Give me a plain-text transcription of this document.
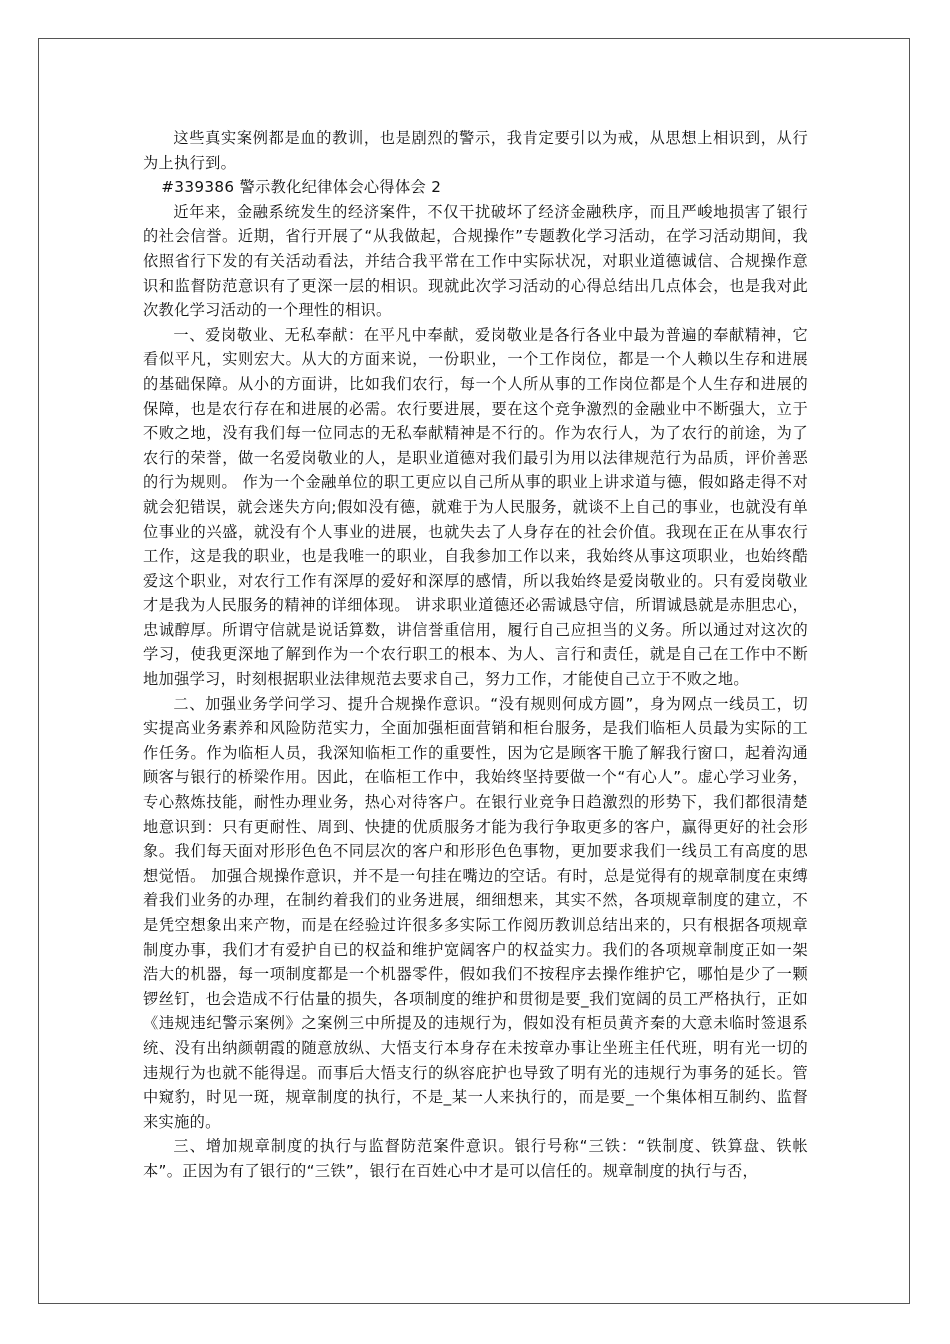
这些真实案例都是血的教训，也是剧烈的警示，我肯定要引以为戒，从思想上相识到，从行为上执行到。

#339386 警示教化纪律体会心得体会 2

近年来，金融系统发生的经济案件，不仅干扰破坏了经济金融秩序，而且严峻地损害了银行的社会信誉。近期，省行开展了“从我做起，合规操作”专题教化学习活动，在学习活动期间，我依照省行下发的有关活动看法，并结合我平常在工作中实际状况，对职业道德诚信、合规操作意识和监督防范意识有了更深一层的相识。现就此次学习活动的心得总结出几点体会，也是我对此次教化学习活动的一个理性的相识。

一、爱岗敬业、无私奉献：在平凡中奉献，爱岗敬业是各行各业中最为普遍的奉献精神，它看似平凡，实则宏大。从大的方面来说，一份职业，一个工作岗位，都是一个人赖以生存和进展的基础保障。从小的方面讲，比如我们农行，每一个人所从事的工作岗位都是个人生存和进展的保障，也是农行存在和进展的必需。农行要进展，要在这个竞争激烈的金融业中不断强大，立于不败之地，没有我们每一位同志的无私奉献精神是不行的。作为农行人，为了农行的前途，为了农行的荣誉，做一名爱岗敬业的人，是职业道德对我们最引为用以法律规范行为品质，评价善恶的行为规则。 作为一个金融单位的职工更应以自己所从事的职业上讲求道与德，假如路走得不对就会犯错误，就会迷失方向;假如没有德，就难于为人民服务，就谈不上自己的事业，也就没有单位事业的兴盛，就没有个人事业的进展，也就失去了人身存在的社会价值。我现在正在从事农行工作，这是我的职业，也是我唯一的职业，自我参加工作以来，我始终从事这项职业，也始终酷爱这个职业，对农行工作有深厚的爱好和深厚的感情，所以我始终是爱岗敬业的。只有爱岗敬业才是我为人民服务的精神的详细体现。 讲求职业道德还必需诚恳守信，所谓诚恳就是赤胆忠心，忠诚醇厚。所谓守信就是说话算数，讲信誉重信用，履行自己应担当的义务。所以通过对这次的学习，使我更深地了解到作为一个农行职工的根本、为人、言行和责任，就是自己在工作中不断地加强学习，时刻根据职业法律规范去要求自己，努力工作，才能使自己立于不败之地。

二、加强业务学问学习、提升合规操作意识。“没有规则何成方圆”，身为网点一线员工，切实提高业务素养和风险防范实力，全面加强柜面营销和柜台服务，是我们临柜人员最为实际的工作任务。作为临柜人员，我深知临柜工作的重要性，因为它是顾客干脆了解我行窗口，起着沟通顾客与银行的桥梁作用。因此，在临柜工作中，我始终坚持要做一个“有心人”。虚心学习业务，专心熬炼技能，耐性办理业务，热心对待客户。在银行业竞争日趋激烈的形势下，我们都很清楚地意识到：只有更耐性、周到、快捷的优质服务才能为我行争取更多的客户，赢得更好的社会形象。我们每天面对形形色色不同层次的客户和形形色色事物，更加要求我们一线员工有高度的思想觉悟。 加强合规操作意识，并不是一句挂在嘴边的空话。有时，总是觉得有的规章制度在束缚着我们业务的办理，在制约着我们的业务进展，细细想来，其实不然，各项规章制度的建立，不是凭空想象出来产物，而是在经验过许很多多实际工作阅历教训总结出来的，只有根据各项规章制度办事，我们才有爱护自已的权益和维护宽阔客户的权益实力。我们的各项规章制度正如一架浩大的机器，每一项制度都是一个机器零件，假如我们不按程序去操作维护它，哪怕是少了一颗锣丝钉，也会造成不行估量的损失，各项制度的维护和贯彻是要_我们宽阔的员工严格执行，正如《违规违纪警示案例》之案例三中所提及的违规行为，假如没有柜员黄齐秦的大意未临时签退系统、没有出纳颜朝霞的随意放纵、大悟支行本身存在未按章办事让坐班主任代班，明有光一切的违规行为也就不能得逞。而事后大悟支行的纵容庇护也导致了明有光的违规行为事务的延长。管中窥豹，时见一斑，规章制度的执行，不是_某一人来执行的，而是要_一个集体相互制约、监督来实施的。

三、增加规章制度的执行与监督防范案件意识。银行号称“三铁：“铁制度、铁算盘、铁帐本”。正因为有了银行的“三铁”，银行在百姓心中才是可以信任的。规章制度的执行与否，
